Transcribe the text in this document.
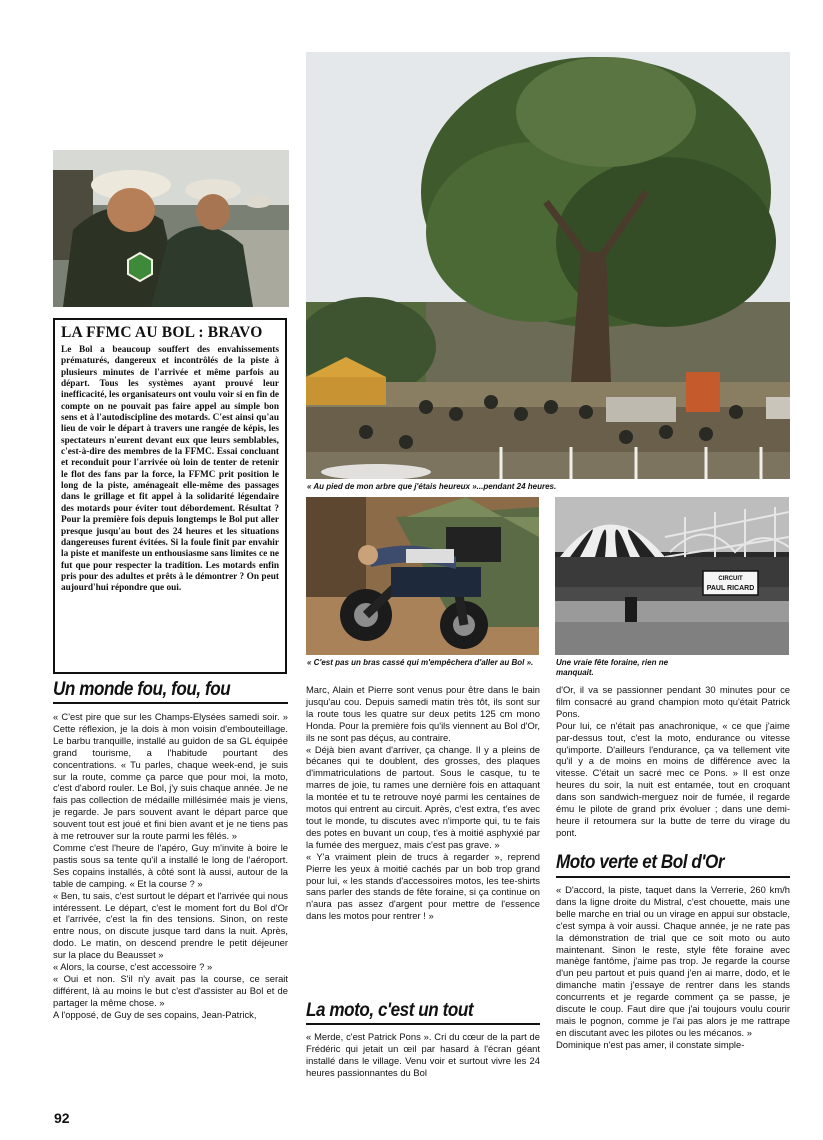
« Au pied de mon arbre que j'étais heureux »...pendant 24 heures.
« C'est pas un bras cassé qui m'empêchera d'aller au Bol ».
CIRCUIT
PAUL RICARD
Une vraie fête foraine, rien ne manquait.
LA FFMC AU BOL : BRAVO

Le Bol a beaucoup souffert des envahissements prématurés, dangereux et incontrôlés de la piste à plusieurs minutes de l'arrivée et même parfois au départ. Tous les systèmes ayant prouvé leur inefficacité, les organisateurs ont voulu voir si en fin de compte on ne pouvait pas faire appel au simple bon sens et à l'autodiscipline des motards. C'est ainsi qu'au lieu de voir le départ à travers une rangée de képis, les spectateurs n'eurent devant eux que leurs semblables, c'est-à-dire des membres de la FFMC. Essai concluant et reconduit pour l'arrivée où loin de tenter de retenir le flot des fans par la force, la FFMC prit position le long de la piste, aménageait elle-même des passages dans le grillage et fit appel à la solidarité légendaire des motards pour éviter tout débordement. Résultat ? Pour la première fois depuis longtemps le Bol put aller presque jusqu'au bout des 24 heures et les situations dangereuses furent évitées. Si la foule finit par envahir la piste et manifeste un enthousiasme sans limites ce ne fut que pour respecter la tradition. Les motards enfin pris pour des adultes et prêts à le démontrer ? On peut aujourd'hui répondre que oui.

Un monde fou, fou, fou

« C'est pire que sur les Champs-Elysées samedi soir. » Cette réflexion, je la dois à mon voisin d'embouteillage. Le barbu tranquille, installé au guidon de sa GL équipée grand tourisme, a l'habitude pourtant des concentrations. « Tu parles, chaque week-end, je suis sur la route, comme ça parce que pour moi, la moto, c'est d'abord rouler. Le Bol, j'y suis chaque année. Je ne fais pas collection de médaille millésimée mais je viens, je regarde. Je pars souvent avant le départ parce que souvent tout est joué et fini bien avant et je ne tiens pas à me retrouver sur la route parmi les fêlés. »

Comme c'est l'heure de l'apéro, Guy m'invite à boire le pastis sous sa tente qu'il a installé le long de l'aéroport. Ses copains installés, à côté sont là aussi, autour de la table de camping. « Et la course ? »

« Ben, tu sais, c'est surtout le départ et l'arrivée qui nous intéressent. Le départ, c'est le moment fort du Bol d'Or et l'arrivée, c'est la fin des tensions. Sinon, on reste entre nous, on discute jusque tard dans la nuit. Après, dodo. Le matin, on descend prendre le petit déjeuner sur la place du Beausset »

« Alors, la course, c'est accessoire ? »

« Oui et non. S'il n'y avait pas la course, ce serait différent, là au moins le but c'est d'assister au Bol et de partager la même chose. »

A l'opposé, de Guy de ses copains, Jean-Patrick,

Marc, Alain et Pierre sont venus pour être dans le bain jusqu'au cou. Depuis samedi matin très tôt, ils sont sur la route tous les quatre sur deux petits 125 cm mono Honda. Pour la première fois qu'ils viennent au Bol d'Or, ils ne sont pas déçus, au contraire.

« Déjà bien avant d'arriver, ça change. Il y a pleins de bécanes qui te doublent, des grosses, des plaques d'immatriculations de partout. Sous le casque, tu te marres de joie, tu rames une dernière fois en attaquant la montée et tu te retrouve noyé parmi les centaines de motos qui entrent au circuit. Après, c'est extra, t'es avec tout le monde, tu discutes avec n'importe qui, tu te fais des potes en buvant un coup, t'es à moitié asphyxié par la fumée des merguez, mais c'est pas grave. »

« Y'a vraiment plein de trucs à regarder », reprend Pierre les yeux à moitié cachés par un bob trop grand pour lui, « les stands d'accessoires motos, les tee-shirts sans parler des stands de fête foraine, si ça continue on n'aura pas assez d'argent pour mettre de l'essence dans les motos pour rentrer ! »

La moto, c'est un tout

« Merde, c'est Patrick Pons ». Cri du cœur de la part de Frédéric qui jetait un œil par hasard à l'écran géant installé dans le village. Venu voir et surtout vivre les 24 heures passionnantes du Bol

d'Or, il va se passionner pendant 30 minutes pour ce film consacré au grand champion moto qu'était Patrick Pons.

Pour lui, ce n'était pas anachronique, « ce que j'aime par-dessus tout, c'est la moto, endurance ou vitesse qu'importe. D'ailleurs l'endurance, ça va tellement vite qu'il y a de moins en moins de différence avec la vitesse. C'était un sacré mec ce Pons. » Il est onze heures du soir, la nuit est entamée, tout en croquant dans son sandwich-merguez noir de fumée, il regarde ému le pilote de grand prix évoluer ; dans une demi-heure il retournera sur la butte de terre du virage du pont.

Moto verte et Bol d'Or

« D'accord, la piste, taquet dans la Verrerie, 260 km/h dans la ligne droite du Mistral, c'est chouette, mais une belle marche en trial ou un virage en appui sur obstacle, c'est sympa à voir aussi. Chaque année, je ne rate pas la démonstration de trial que ce soit moto ou auto maintenant. Sinon le reste, style fête foraine avec manège fantôme, j'aime pas trop. Je regarde la course d'un peu partout et puis quand j'en ai marre, dodo, et le dimanche matin j'essaye de rentrer dans les stands concurrents et je regarde comment ça se passe, je discute le coup. Faut dire que j'ai toujours voulu courir mais le pognon, comme je l'ai pas alors je me rattrape en discutant avec les pilotes ou les mécanos. »

Dominique n'est pas amer, il constate simple-

92
